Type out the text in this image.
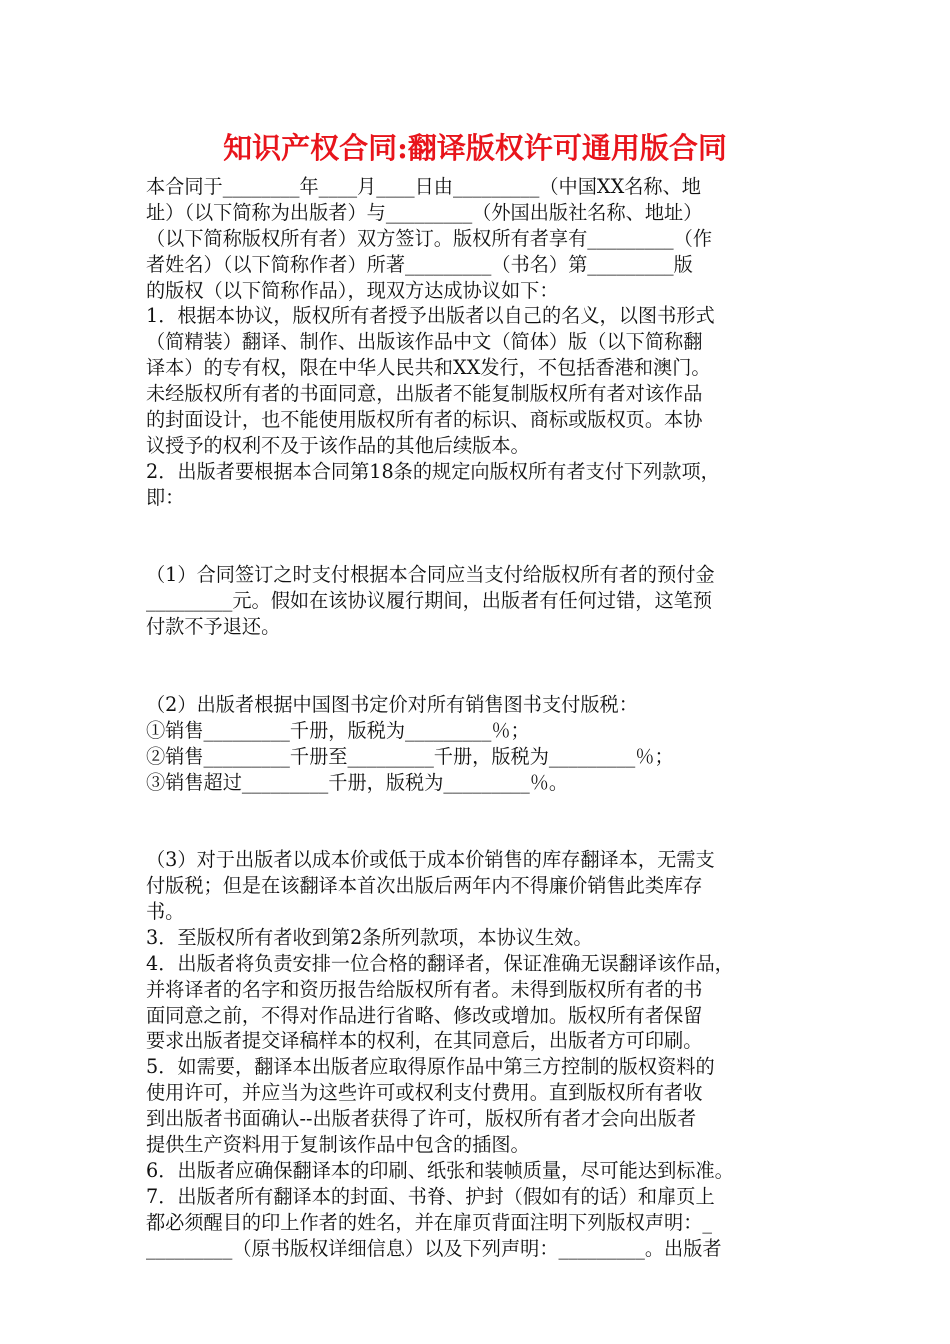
知识产权合同:翻译版权许可通用版合同
本合同于________年____月____日由_________（中国XX名称、地
址）（以下简称为出版者）与_________（外国出版社名称、地址）
（以下简称版权所有者）双方签订。版权所有者享有_________（作
者姓名）（以下简称作者）所著_________（书名）第_________版
的版权（以下简称作品），现双方达成协议如下：
1．根据本协议，版权所有者授予出版者以自己的名义，以图书形式
（简精装）翻译、制作、出版该作品中文（简体）版（以下简称翻
译本）的专有权，限在中华人民共和XX发行，不包括香港和澳门。
未经版权所有者的书面同意，出版者不能复制版权所有者对该作品
的封面设计，也不能使用版权所有者的标识、商标或版权页。本协
议授予的权利不及于该作品的其他后续版本。
2．出版者要根据本合同第18条的规定向版权所有者支付下列款项，
即：
（1）合同签订之时支付根据本合同应当支付给版权所有者的预付金
_________元。假如在该协议履行期间，出版者有任何过错，这笔预
付款不予退还。
（2）出版者根据中国图书定价对所有销售图书支付版税：
①销售_________千册，版税为_________％；
②销售_________千册至_________千册，版税为_________％；
③销售超过_________千册，版税为_________％。
（3）对于出版者以成本价或低于成本价销售的库存翻译本，无需支
付版税；但是在该翻译本首次出版后两年内不得廉价销售此类库存
书。
3．至版权所有者收到第2条所列款项，本协议生效。
4．出版者将负责安排一位合格的翻译者，保证准确无误翻译该作品，
并将译者的名字和资历报告给版权所有者。未得到版权所有者的书
面同意之前，不得对作品进行省略、修改或增加。版权所有者保留
要求出版者提交译稿样本的权利，在其同意后，出版者方可印刷。
5．如需要，翻译本出版者应取得原作品中第三方控制的版权资料的
使用许可，并应当为这些许可或权利支付费用。直到版权所有者收
到出版者书面确认--出版者获得了许可，版权所有者才会向出版者
提供生产资料用于复制该作品中包含的插图。
6．出版者应确保翻译本的印刷、纸张和装帧质量，尽可能达到标准。
7．出版者所有翻译本的封面、书脊、护封（假如有的话）和扉页上
都必须醒目的印上作者的姓名，并在扉页背面注明下列版权声明：_
_________（原书版权详细信息）以及下列声明：_________。出版者
